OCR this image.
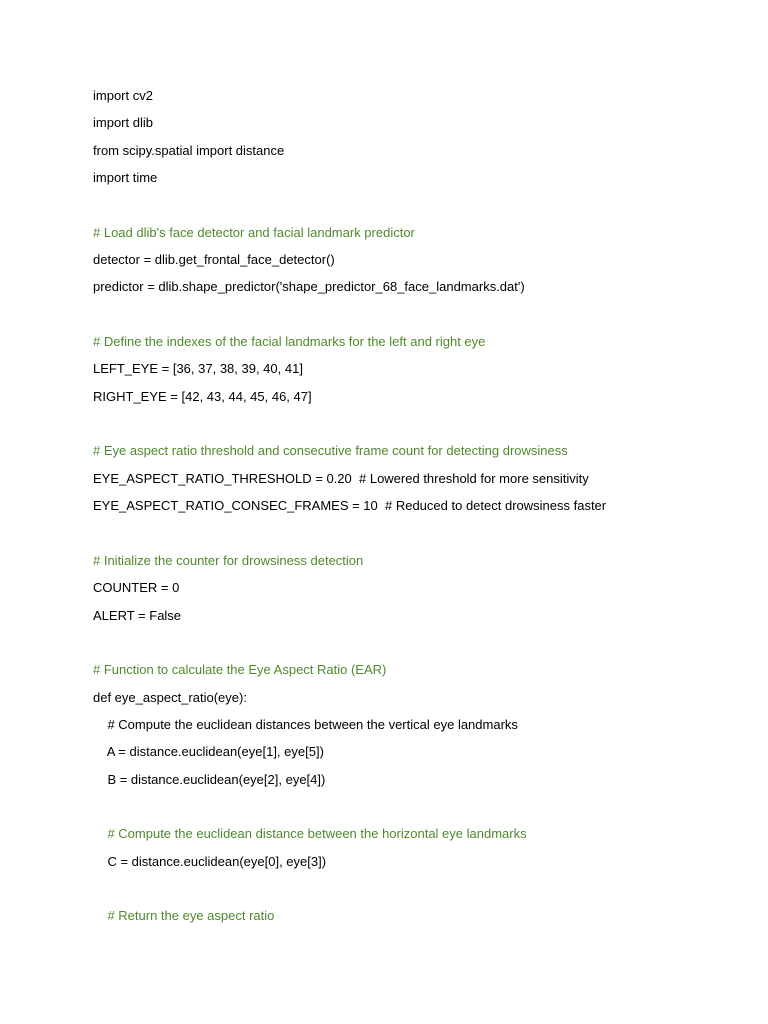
import cv2
import dlib
from scipy.spatial import distance
import time
# Load dlib's face detector and facial landmark predictor
detector = dlib.get_frontal_face_detector()
predictor = dlib.shape_predictor('shape_predictor_68_face_landmarks.dat')
# Define the indexes of the facial landmarks for the left and right eye
LEFT_EYE = [36, 37, 38, 39, 40, 41]
RIGHT_EYE = [42, 43, 44, 45, 46, 47]
# Eye aspect ratio threshold and consecutive frame count for detecting drowsiness
EYE_ASPECT_RATIO_THRESHOLD = 0.20  # Lowered threshold for more sensitivity
EYE_ASPECT_RATIO_CONSEC_FRAMES = 10  # Reduced to detect drowsiness faster
# Initialize the counter for drowsiness detection
COUNTER = 0
ALERT = False
# Function to calculate the Eye Aspect Ratio (EAR)
def eye_aspect_ratio(eye):
# Compute the euclidean distances between the vertical eye landmarks
A = distance.euclidean(eye[1], eye[5])
B = distance.euclidean(eye[2], eye[4])
# Compute the euclidean distance between the horizontal eye landmarks
C = distance.euclidean(eye[0], eye[3])
# Return the eye aspect ratio
